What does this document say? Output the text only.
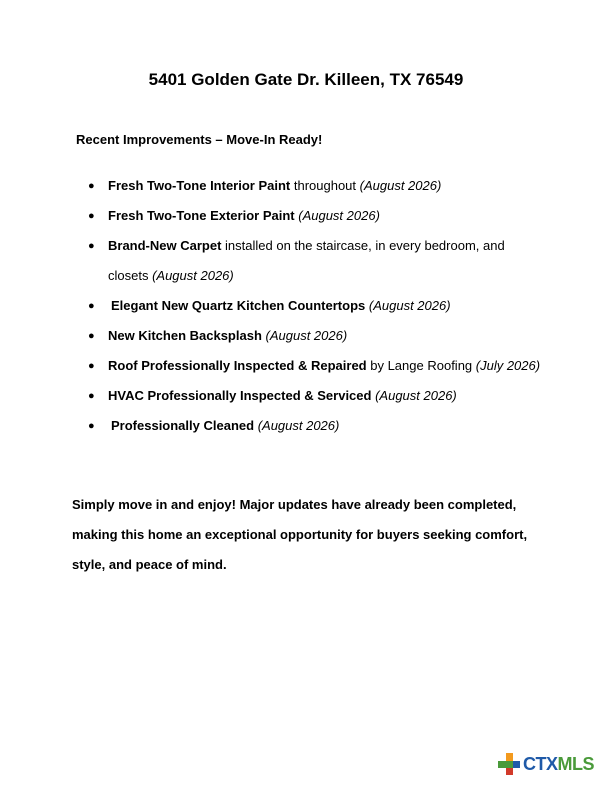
5401 Golden Gate Dr. Killeen, TX 76549
Recent Improvements – Move-In Ready!
● Fresh Two-Tone Interior Paint throughout (August 2026)
● Fresh Two-Tone Exterior Paint (August 2026)
● Brand-New Carpet installed on the staircase, in every bedroom, and
closets (August 2026)
● Elegant New Quartz Kitchen Countertops (August 2026)
● New Kitchen Backsplash (August 2026)
● Roof Professionally Inspected & Repaired by Lange Roofing (July 2026)
● HVAC Professionally Inspected & Serviced (August 2026)
● Professionally Cleaned (August 2026)
Simply move in and enjoy! Major updates have already been completed,
making this home an exceptional opportunity for buyers seeking comfort,
style, and peace of mind.
CTXMLS
